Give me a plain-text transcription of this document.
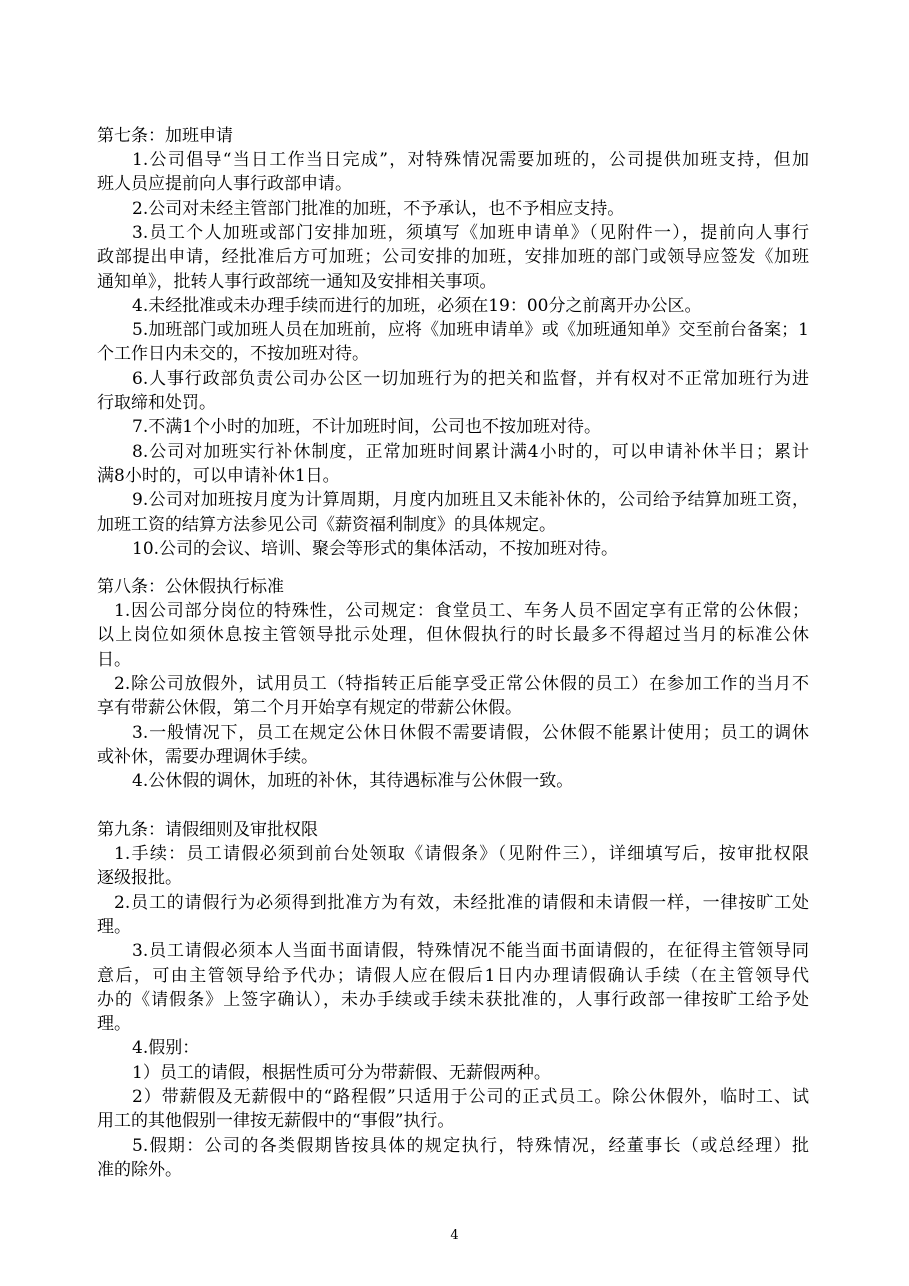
第七条：加班申请
1.公司倡导“当日工作当日完成”，对特殊情况需要加班的，公司提供加班支持，但加
班人员应提前向人事行政部申请。
2.公司对未经主管部门批准的加班，不予承认，也不予相应支持。
3.员工个人加班或部门安排加班，须填写《加班申请单》（见附件一），提前向人事行
政部提出申请，经批准后方可加班；公司安排的加班，安排加班的部门或领导应签发《加班
通知单》，批转人事行政部统一通知及安排相关事项。
4.未经批准或未办理手续而进行的加班，必须在19：00分之前离开办公区。
5.加班部门或加班人员在加班前，应将《加班申请单》或《加班通知单》交至前台备案；1
个工作日内未交的，不按加班对待。
6.人事行政部负责公司办公区一切加班行为的把关和监督，并有权对不正常加班行为进
行取缔和处罚。
7.不满1个小时的加班，不计加班时间，公司也不按加班对待。
8.公司对加班实行补休制度，正常加班时间累计满4小时的，可以申请补休半日；累计
满8小时的，可以申请补休1日。
9.公司对加班按月度为计算周期，月度内加班且又未能补休的，公司给予结算加班工资，
加班工资的结算方法参见公司《薪资福利制度》的具体规定。
10.公司的会议、培训、聚会等形式的集体活动，不按加班对待。
第八条：公休假执行标准
1.因公司部分岗位的特殊性，公司规定：食堂员工、车务人员不固定享有正常的公休假；
以上岗位如须休息按主管领导批示处理，但休假执行的时长最多不得超过当月的标准公休
日。
2.除公司放假外，试用员工（特指转正后能享受正常公休假的员工）在参加工作的当月不
享有带薪公休假，第二个月开始享有规定的带薪公休假。
3.一般情况下，员工在规定公休日休假不需要请假，公休假不能累计使用；员工的调休
或补休，需要办理调休手续。
4.公休假的调休，加班的补休，其待遇标准与公休假一致。
第九条：请假细则及审批权限
1.手续：员工请假必须到前台处领取《请假条》（见附件三），详细填写后，按审批权限
逐级报批。
2.员工的请假行为必须得到批准方为有效，未经批准的请假和未请假一样，一律按旷工处
理。
3.员工请假必须本人当面书面请假，特殊情况不能当面书面请假的，在征得主管领导同
意后，可由主管领导给予代办；请假人应在假后1日内办理请假确认手续（在主管领导代
办的《请假条》上签字确认），未办手续或手续未获批准的，人事行政部一律按旷工给予处
理。
4.假别：
1）员工的请假，根据性质可分为带薪假、无薪假两种。
2）带薪假及无薪假中的“路程假”只适用于公司的正式员工。除公休假外，临时工、试
用工的其他假别一律按无薪假中的“事假”执行。
5.假期：公司的各类假期皆按具体的规定执行，特殊情况，经董事长（或总经理）批
准的除外。
4
